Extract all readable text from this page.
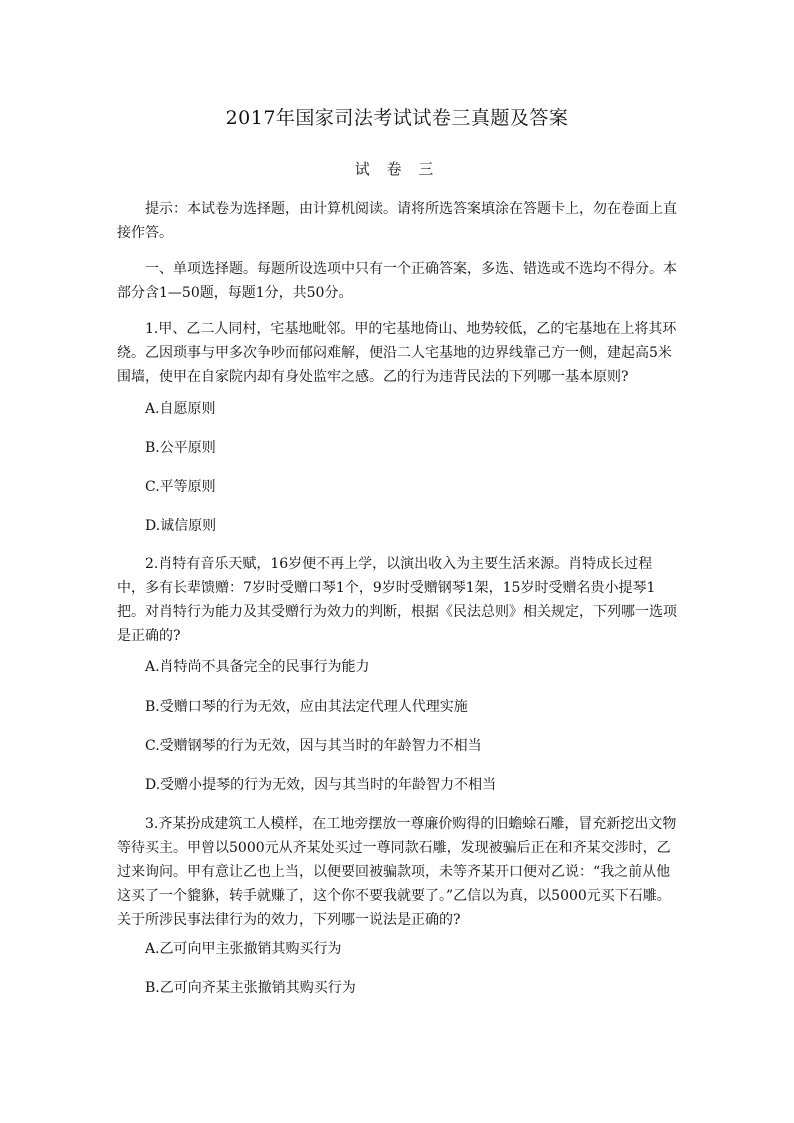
2017年国家司法考试试卷三真题及答案
试 卷 三

提示：本试卷为选择题，由计算机阅读。请将所选答案填涂在答题卡上，勿在卷面上直接作答。

一、单项选择题。每题所设选项中只有一个正确答案，多选、错选或不选均不得分。本部分含1—50题，每题1分，共50分。

1.甲、乙二人同村，宅基地毗邻。甲的宅基地倚山、地势较低，乙的宅基地在上将其环绕。乙因琐事与甲多次争吵而郁闷难解，便沿二人宅基地的边界线靠己方一侧，建起高5米围墙，使甲在自家院内却有身处监牢之感。乙的行为违背民法的下列哪一基本原则?

A.自愿原则

B.公平原则

C.平等原则

D.诚信原则

2.肖特有音乐天赋，16岁便不再上学，以演出收入为主要生活来源。肖特成长过程中，多有长辈馈赠：7岁时受赠口琴1个，9岁时受赠钢琴1架，15岁时受赠名贵小提琴1把。对肖特行为能力及其受赠行为效力的判断，根据《民法总则》相关规定，下列哪一选项是正确的?

A.肖特尚不具备完全的民事行为能力

B.受赠口琴的行为无效，应由其法定代理人代理实施

C.受赠钢琴的行为无效，因与其当时的年龄智力不相当

D.受赠小提琴的行为无效，因与其当时的年龄智力不相当

3.齐某扮成建筑工人模样，在工地旁摆放一尊廉价购得的旧蟾蜍石雕，冒充新挖出文物等待买主。甲曾以5000元从齐某处买过一尊同款石雕，发现被骗后正在和齐某交涉时，乙过来询问。甲有意让乙也上当，以便要回被骗款项，未等齐某开口便对乙说：“我之前从他这买了一个貔貅，转手就赚了，这个你不要我就要了。”乙信以为真，以5000元买下石雕。关于所涉民事法律行为的效力，下列哪一说法是正确的?

A.乙可向甲主张撤销其购买行为

B.乙可向齐某主张撤销其购买行为
